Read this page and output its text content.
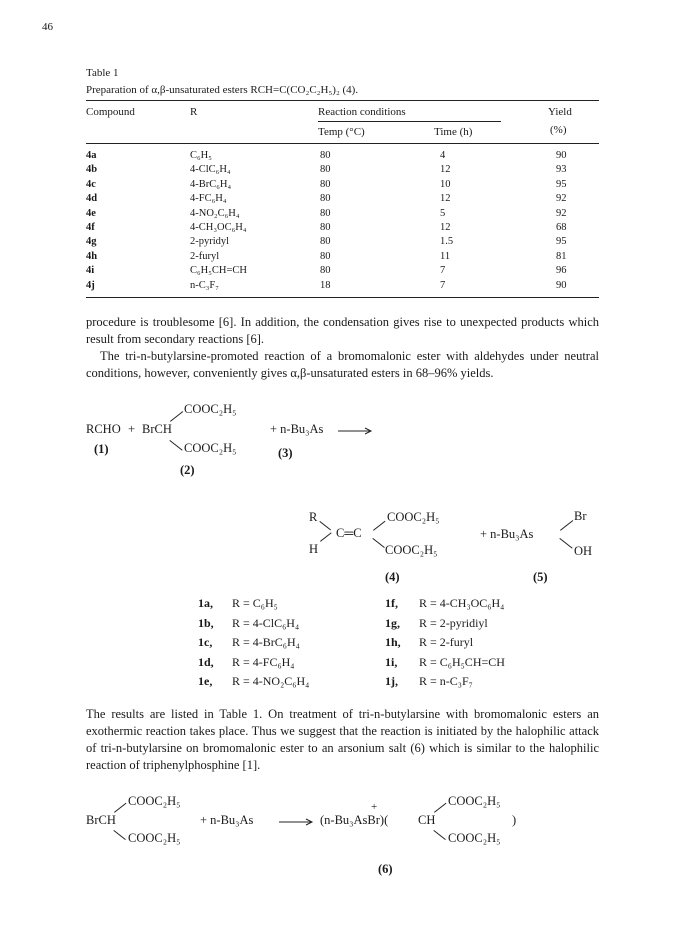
46
Table 1
Preparation of α,β-unsaturated esters RCH=C(CO₂C₂H₅)₂ (4).
Compound	R	Reaction conditions	Yield
Temp (°C)	Time (h)	(%)
4a	C₆H₅	80	4	90
4b	4-ClC₆H₄	80	12	93
4c	4-BrC₆H₄	80	10	95
4d	4-FC₆H₄	80	12	92
4e	4-NO₂C₆H₄	80	5	92
4f	4-CH₃OC₆H₄	80	12	68
4g	2-pyridyl	80	1.5	95
4h	2-furyl	80	11	81
4i	C₆H₅CH=CH	80	7	96
4j	n-C₃F₇	18	7	90

procedure is troublesome [6]. In addition, the condensation gives rise to unexpected products which result from secondary reactions [6].

The tri-n-butylarsine-promoted reaction of a bromomalonic ester with aldehydes under neutral conditions, however, conveniently gives α,β-unsaturated esters in 68–96% yields.

RCHO + BrCH
COOC₂H₅
COOC₂H₅
+ n-Bu₃As
(1)
(2)
(3)
R
H
C═C
COOC₂H₅
COOC₂H₅
+ n-Bu₃As
Br
OH
(4)	(5)
1a, R = C₆H₅
1b, R = 4-ClC₆H₄
1c, R = 4-BrC₆H₄
1d, R = 4-FC₆H₄
1e, R = 4-NO₂C₆H₄
1f, R = 4-CH₃OC₆H₄
1g, R = 2-pyridiyl
1h, R = 2-furyl
1i, R = C₆H₅CH=CH
1j, R = n-C₃F₇

The results are listed in Table 1. On treatment of tri-n-butylarsine with bromomalonic esters an exothermic reaction takes place. Thus we suggest that the reaction is initiated by the halophilic attack of tri-n-butylarsine on bromomalonic ester to an arsonium salt (6) which is similar to the halophilic reaction of triphenylphosphine [1].

BrCH
COOC₂H₅
COOC₂H₅
+ n-Bu₃As	(n-Bu₃AsBr)(
+
CH
COOC₂H₅
COOC₂H₅
)
(6)
